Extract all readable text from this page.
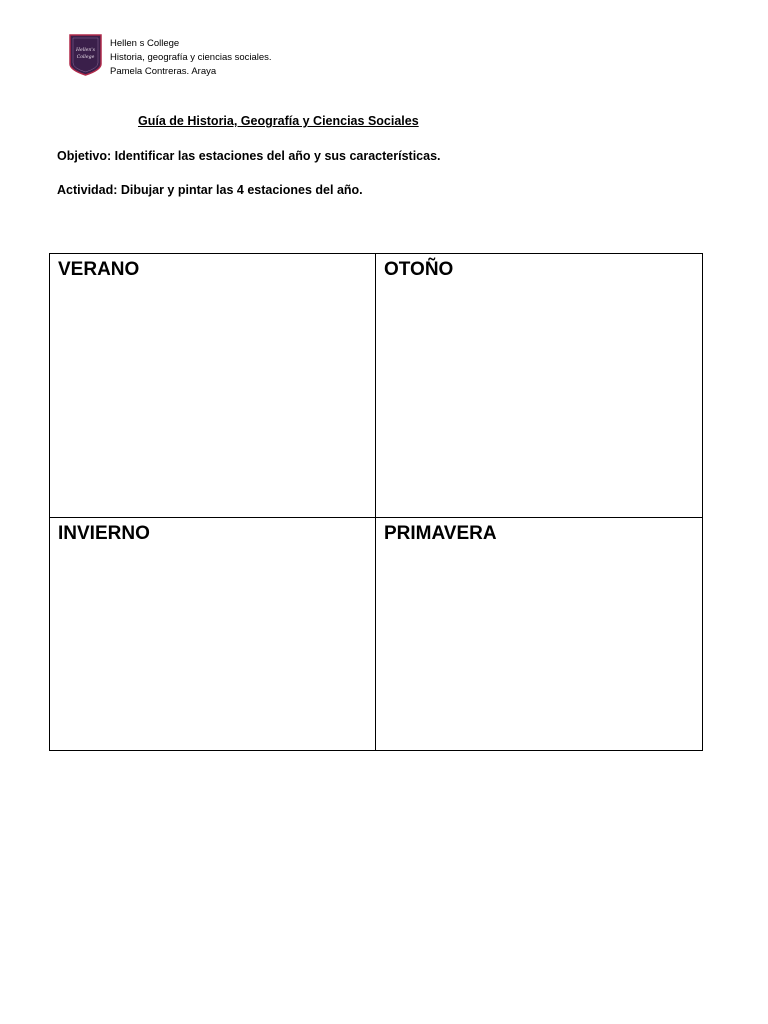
Hellen's
College
Hellen s College
Historia, geografía y ciencias sociales.
Pamela Contreras. Araya
Guía de Historia, Geografía y Ciencias Sociales
Objetivo: Identificar las estaciones del año y sus características.
Actividad: Dibujar y pintar las 4 estaciones del año.
VERANO	OTOÑO
INVIERNO	PRIMAVERA
